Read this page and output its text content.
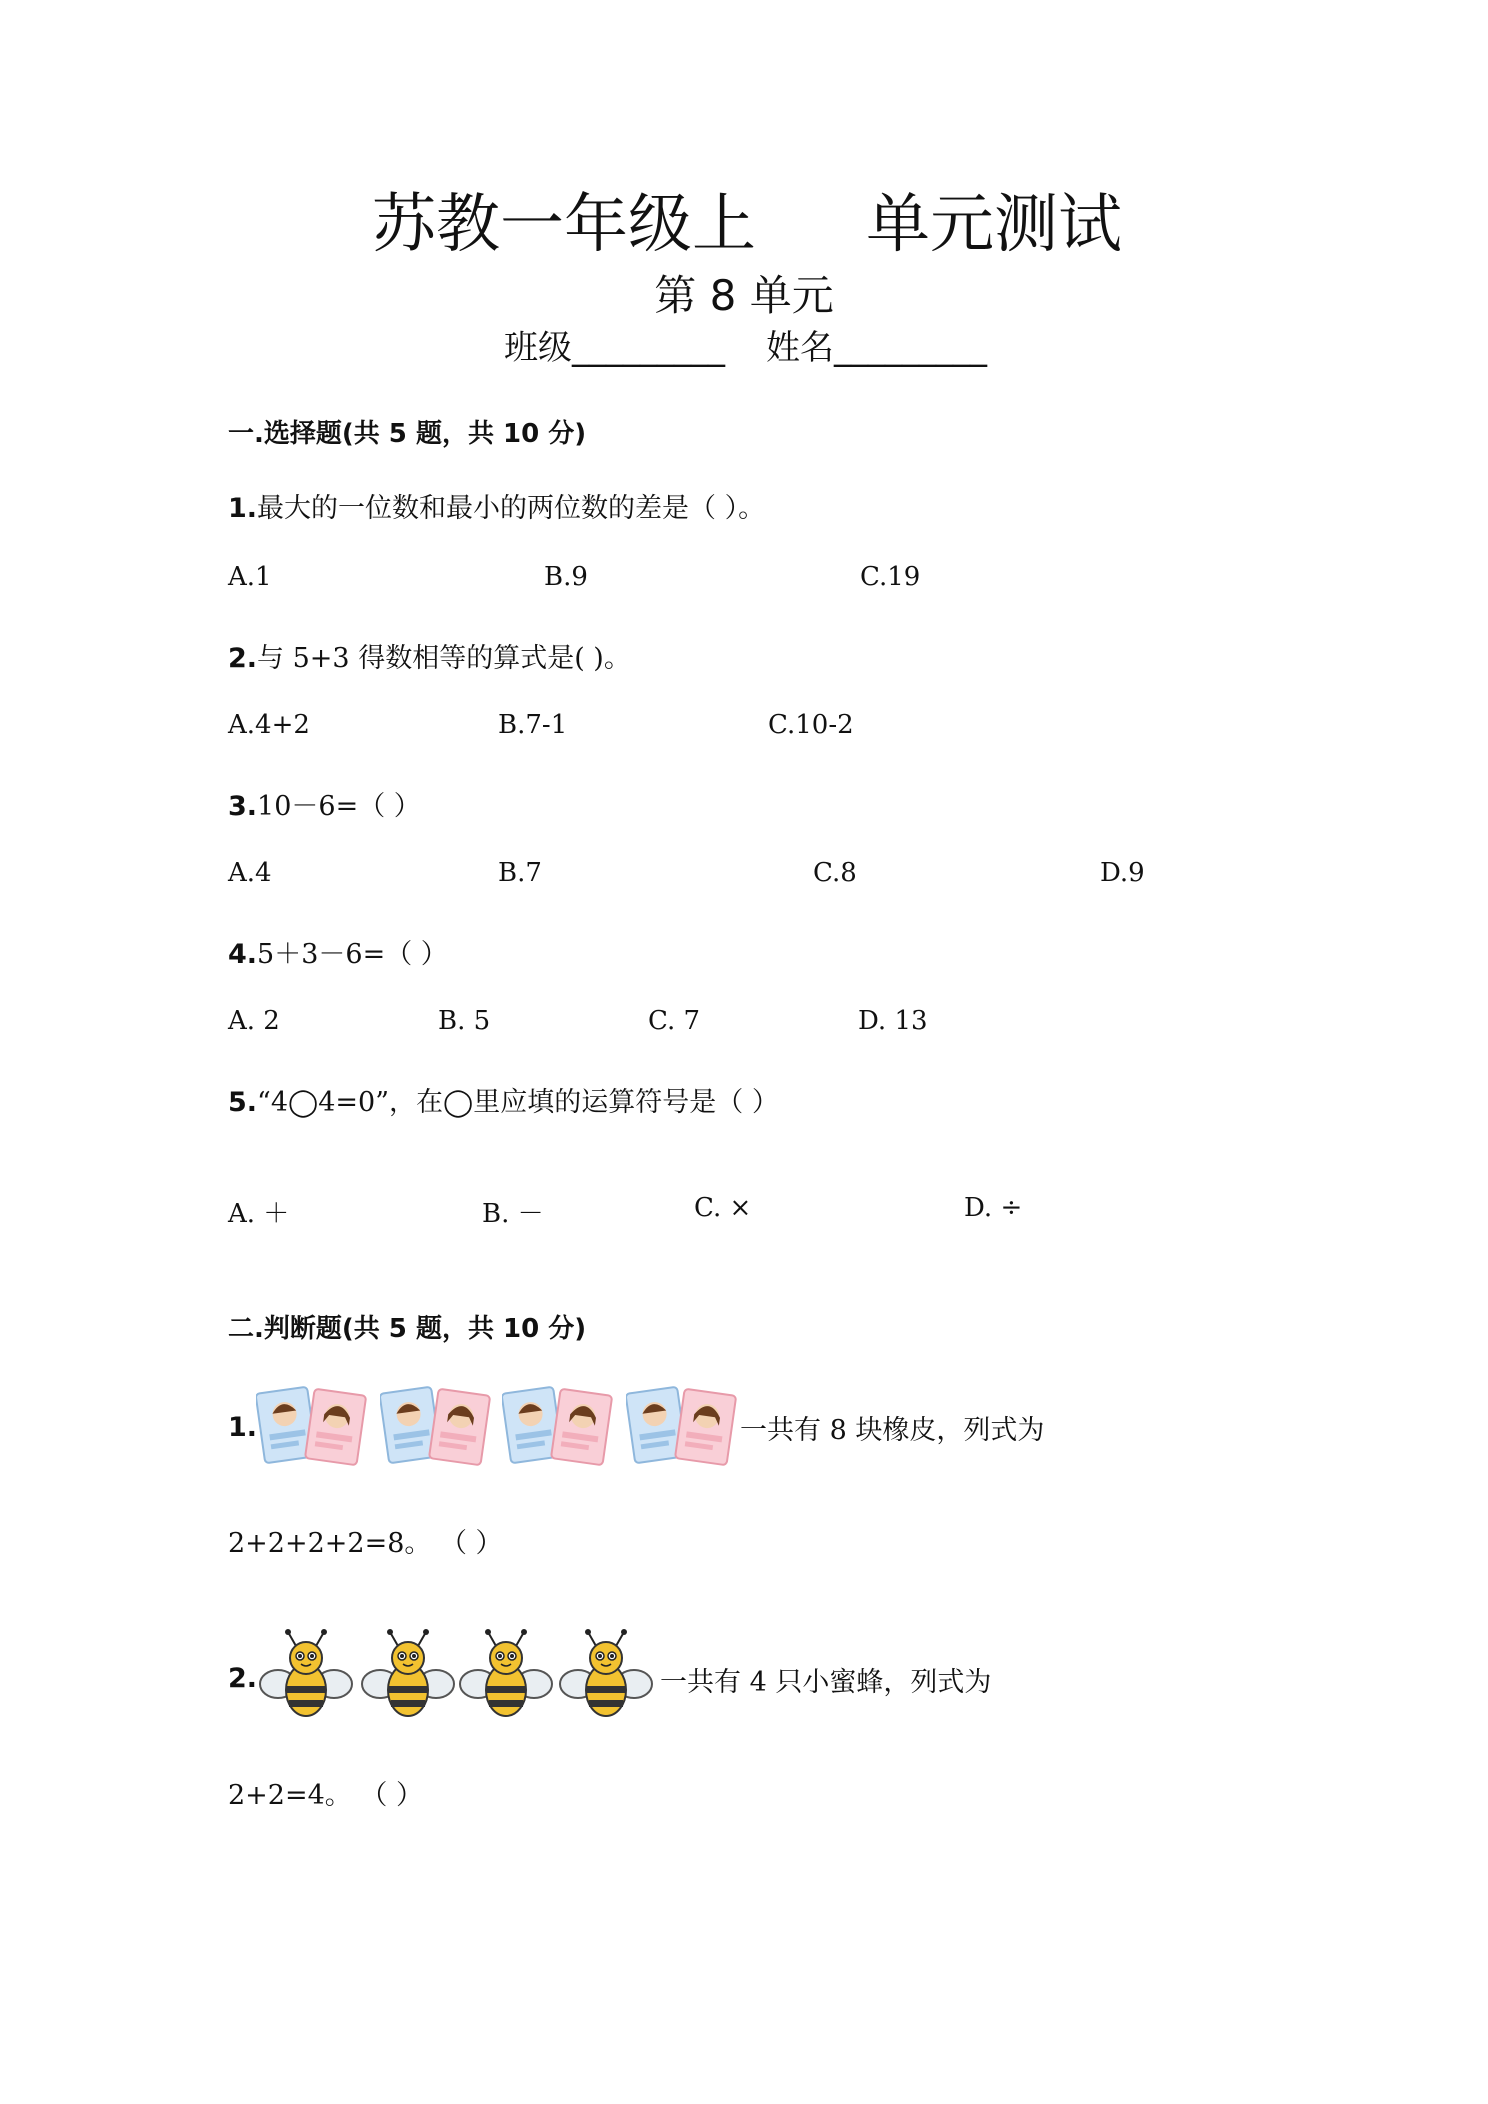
苏教一年级上 单元测试
第 8 单元
班级_________ 姓名_________
一.选择题(共 5 题，共 10 分)
1.最大的一位数和最小的两位数的差是（ ）。
A.1	B.9	C.19
2.与 5+3 得数相等的算式是( )。
A.4+2	B.7-1	C.10-2
3.10－6=（ ）
A.4	B.7	C.8	D.9
4.5＋3－6=（ ）
A. 2	B. 5	C. 7	D. 13
5.“4◯4=0”，在◯里应填的运算符号是（ ）
A. ＋	B. －	C. ×	D. ÷
二.判断题(共 5 题，共 10 分)
1.	一共有 8 块橡皮，列式为
2+2+2+2=8。 （ ）
2.	一共有 4 只小蜜蜂，列式为
2+2=4。 （ ）
